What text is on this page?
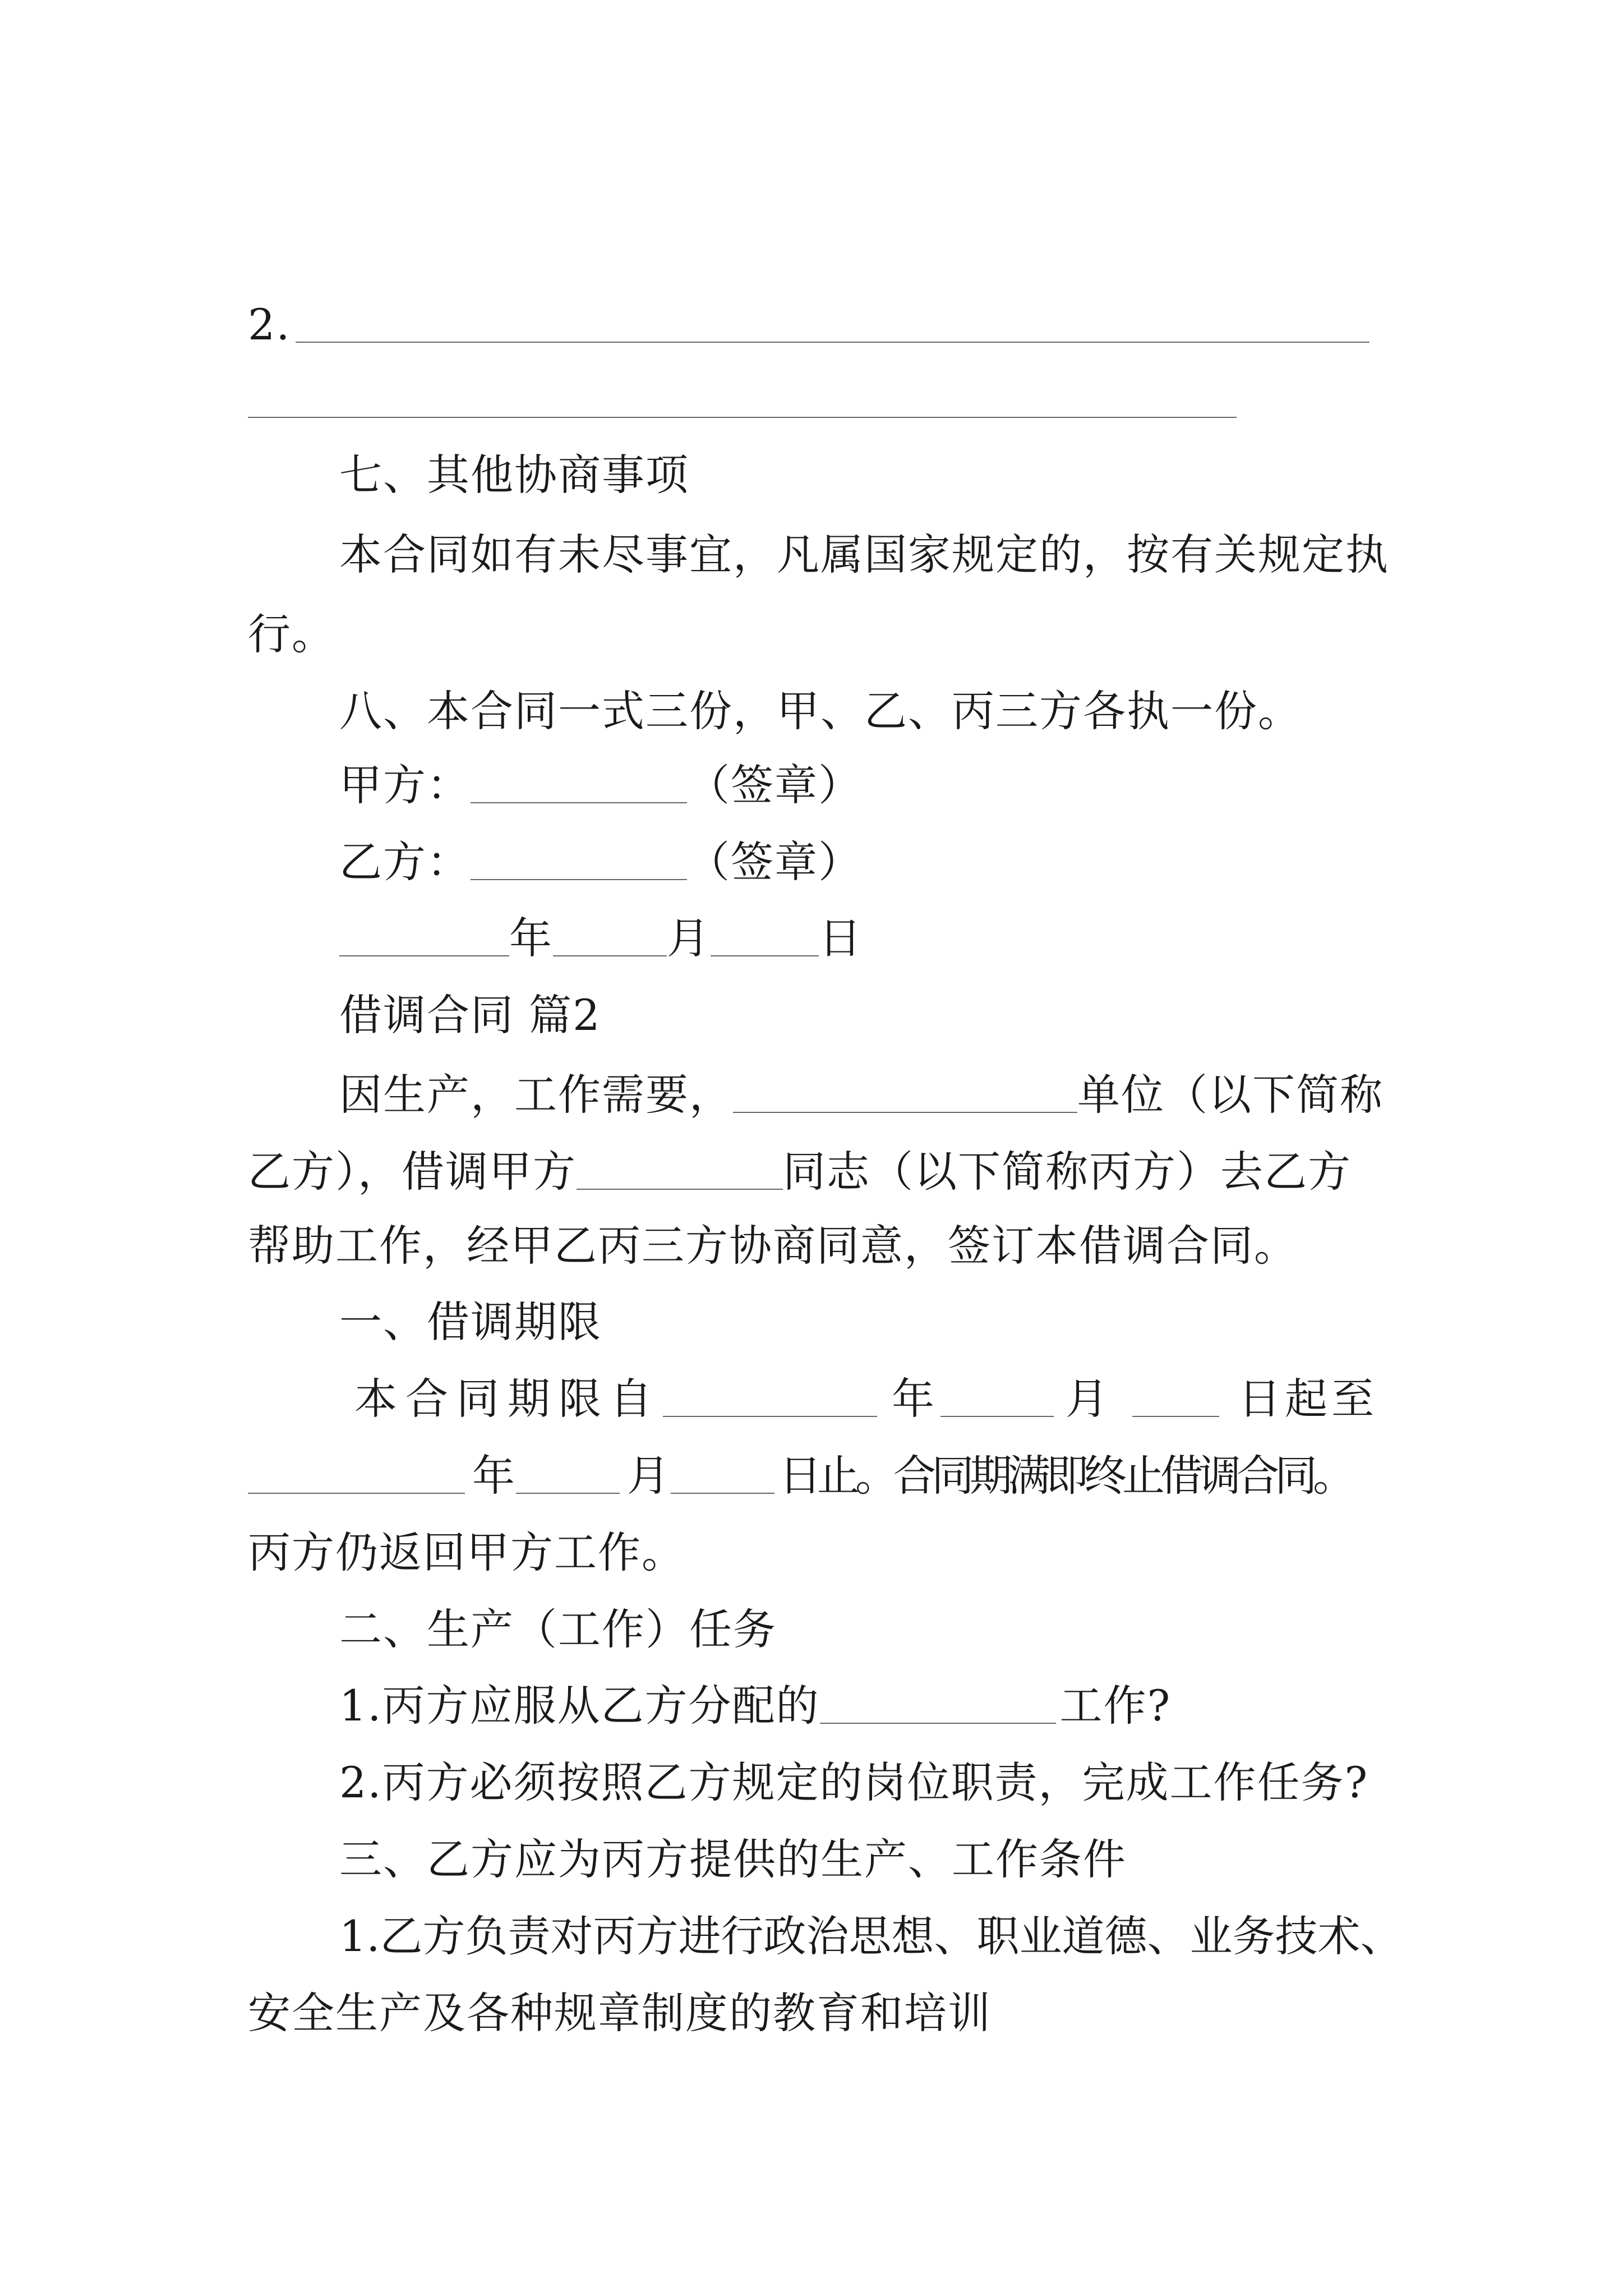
2.
七、其他协商事项
本合同如有未尽事宜，凡属国家规定的，按有关规定执
行。
八、本合同一式三份，甲、乙、丙三方各执一份。
甲方：	（签章）
乙方：	（签章）
年	月	日
借调合同 篇2
因生产，工作需要，	单位（以下简称
乙方），借调甲方	同志（以下简称丙方）去乙方
帮助工作，经甲乙丙三方协商同意，签订本借调合同。
一、借调期限
本合同期限自	年	月	日起至
年	月	日止。合同期满即终止借调合同。
丙方仍返回甲方工作。
二、生产（工作）任务
1.丙方应服从乙方分配的	工作?
2.丙方必须按照乙方规定的岗位职责，完成工作任务?
三、乙方应为丙方提供的生产、工作条件
1.乙方负责对丙方进行政治思想、职业道德、业务技术、
安全生产及各种规章制度的教育和培训
